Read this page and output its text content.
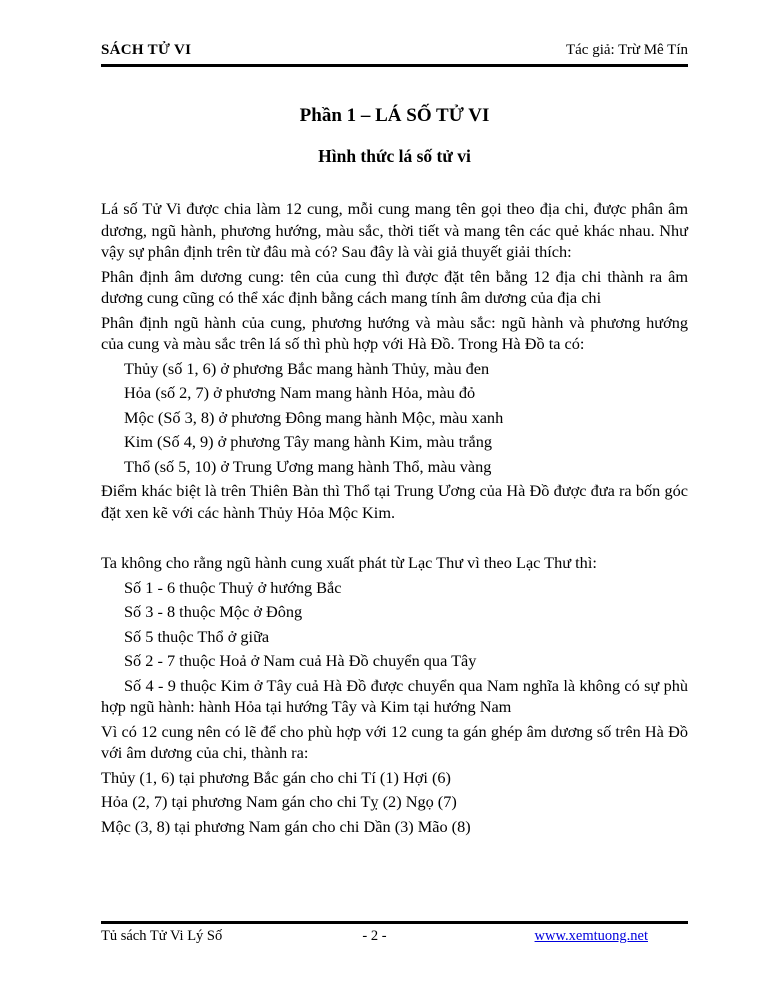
SÁCH TỬ VI	Tác giả: Trừ Mê Tín
Phần 1 – LÁ SỐ TỬ VI
Hình thức lá số tử vi

Lá số Tử Vi được chia làm 12 cung, mỗi cung mang tên gọi theo địa chi, được phân âm dương, ngũ hành, phương hướng, màu sắc, thời tiết và mang tên các quẻ khác nhau. Như vậy sự phân định trên từ đâu mà có? Sau đây là vài giả thuyết giải thích:

Phân định âm dương cung: tên của cung thì được đặt tên bằng 12 địa chi thành ra âm dương cung cũng có thể xác định bằng cách mang tính âm dương của địa chi

Phân định ngũ hành của cung, phương hướng và màu sắc: ngũ hành và phương hướng của cung và màu sắc trên lá số thì phù hợp với Hà Đồ. Trong Hà Đồ ta có:

Thủy (số 1, 6) ở phương Bắc mang hành Thủy, màu đen

Hỏa (số 2, 7) ở phương Nam mang hành Hỏa, màu đỏ

Mộc (Số 3, 8) ở phương Đông mang hành Mộc, màu xanh

Kim (Số 4, 9) ở phương Tây mang hành Kim, màu trắng

Thổ (số 5, 10) ở Trung Ương mang hành Thổ, màu vàng

Điểm khác biệt là trên Thiên Bàn thì Thổ tại Trung Ương của Hà Đồ được đưa ra bốn góc đặt xen kẽ với các hành Thủy Hỏa Mộc Kim.

Ta không cho rằng ngũ hành cung xuất phát từ Lạc Thư vì theo Lạc Thư thì:

Số 1 - 6 thuộc Thuỷ ở hướng Bắc

Số 3 - 8 thuộc Mộc ở Đông

Số 5 thuộc Thổ ở giữa

Số 2 - 7 thuộc Hoả ở Nam cuả Hà Đồ chuyển qua Tây

Số 4 - 9 thuộc Kim ở Tây cuả Hà Đồ được chuyển qua Nam nghĩa là không có sự phù hợp ngũ hành: hành Hỏa tại hướng Tây và Kim tại hướng Nam

Vì có 12 cung nên có lẽ để cho phù hợp với 12 cung ta gán ghép âm dương số trên Hà Đồ với âm dương của chi, thành ra:

Thủy (1, 6) tại phương Bắc gán cho chi Tí (1) Hợi (6)

Hỏa (2, 7) tại phương Nam gán cho chi Tỵ (2) Ngọ (7)

Mộc (3, 8) tại phương Nam gán cho chi Dần (3) Mão (8)

Tủ sách Tử Vi Lý Số	- 2 -	www.xemtuong.net
